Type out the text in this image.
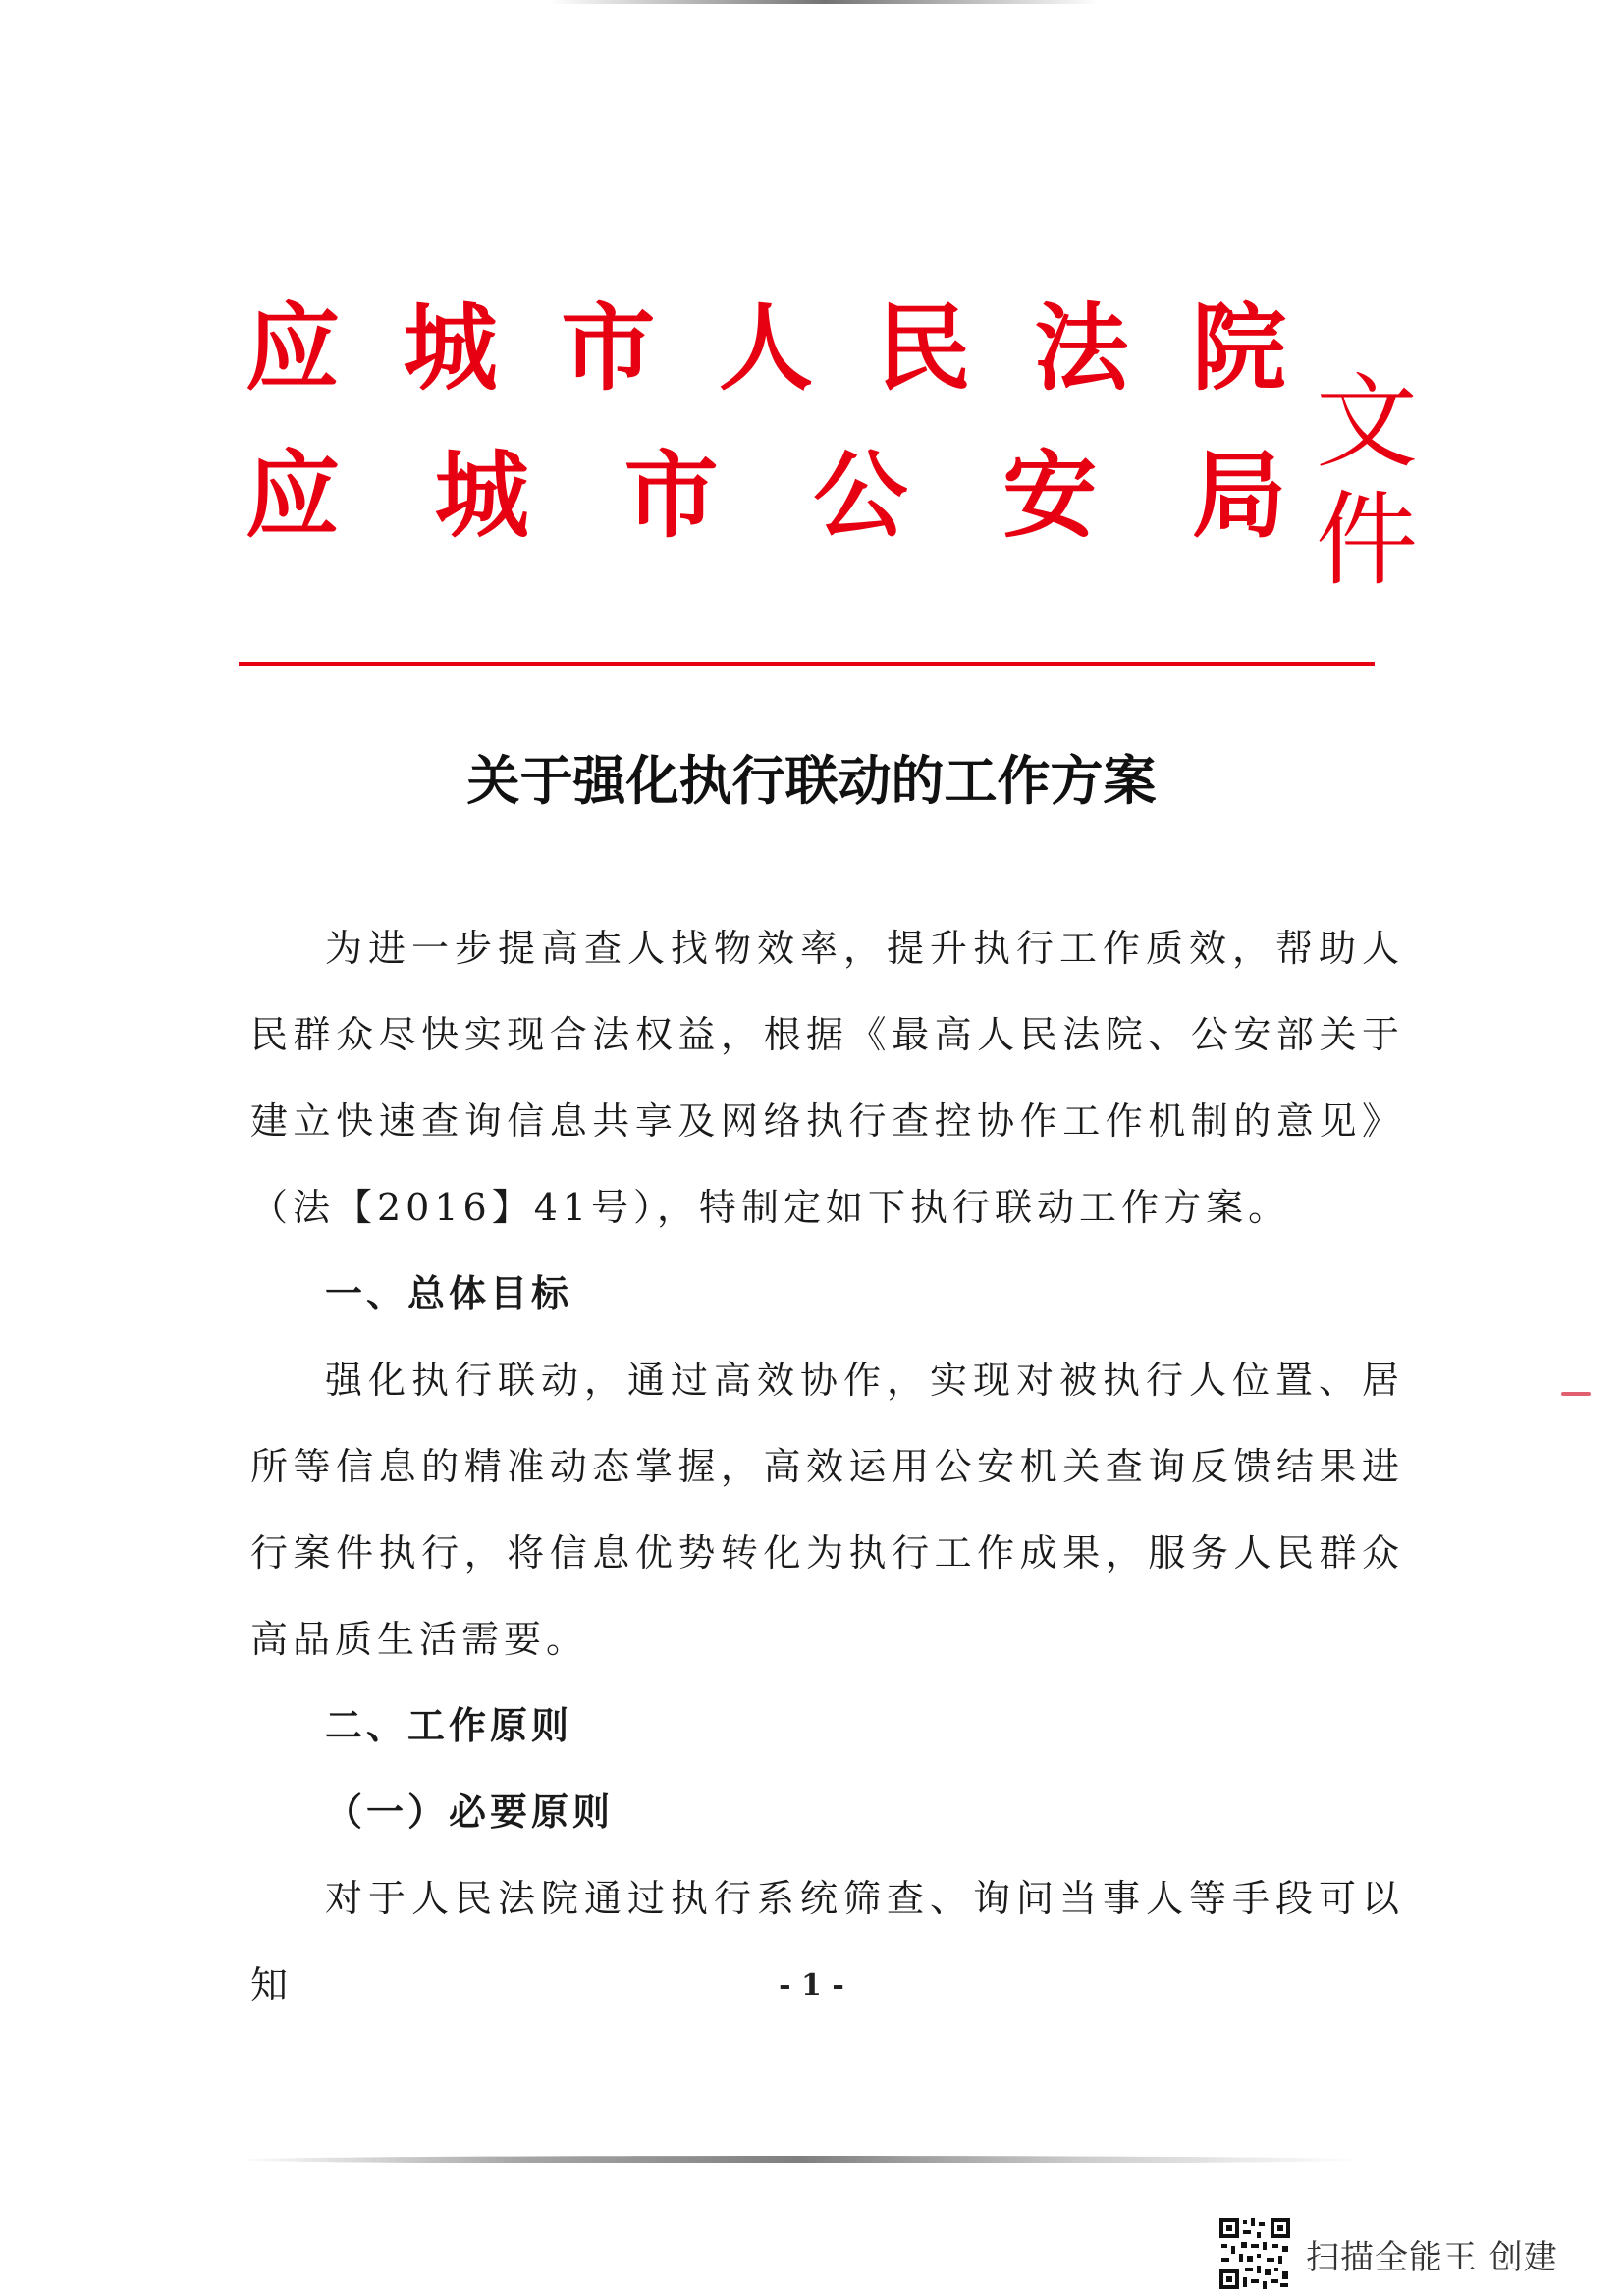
应 城 市 人 民 法 院
应 城 市 公 安 局
文件
关于强化执行联动的工作方案

为进一步提高查人找物效率，提升执行工作质效，帮助人民群众尽快实现合法权益，根据《最高人民法院、公安部关于建立快速查询信息共享及网络执行查控协作工作机制的意见》（法【2016】41号），特制定如下执行联动工作方案。

一、总体目标

强化执行联动，通过高效协作，实现对被执行人位置、居所等信息的精准动态掌握，高效运用公安机关查询反馈结果进行案件执行，将信息优势转化为执行工作成果，服务人民群众高品质生活需要。

二、工作原则

（一）必要原则

对于人民法院通过执行系统筛查、询问当事人等手段可以知	- 1 -
扫描全能王 创建
